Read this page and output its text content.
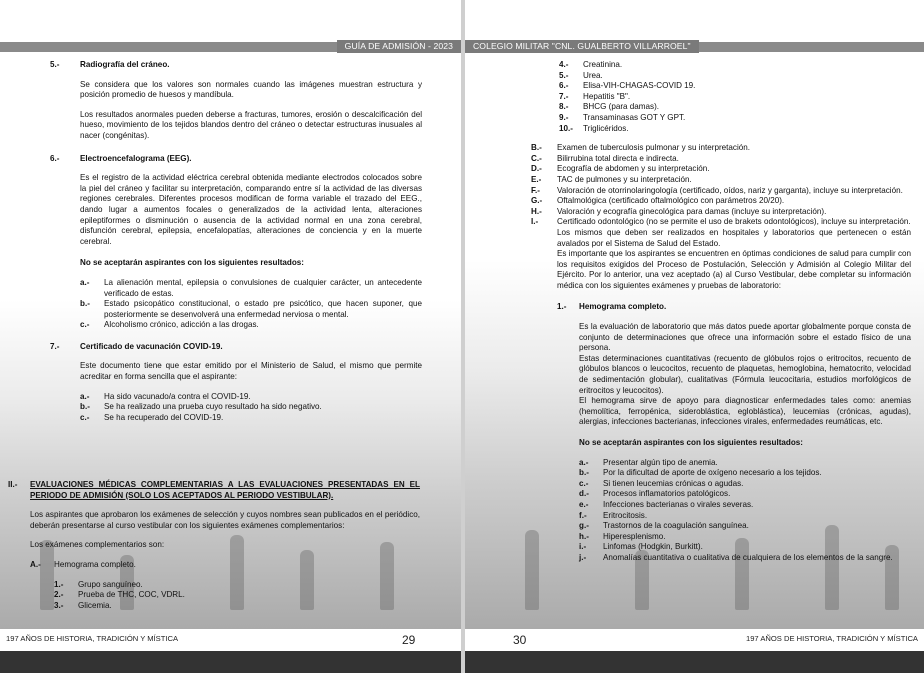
GUÍA DE ADMISIÓN - 2023
5.-	Radiografía del cráneo.

Se considera que los valores son normales cuando las imágenes muestran estructura y posición promedio de huesos y mandíbula.

Los resultados anormales pueden deberse a fracturas, tumores, erosión o descalcificación del hueso, movimiento de los tejidos blandos dentro del cráneo o detectar estructuras inusuales al nacer (congénitas).

6.-	Electroencefalograma (EEG).

Es el registro de la actividad eléctrica cerebral obtenida mediante electrodos colocados sobre la piel del cráneo y facilitar su interpretación, comparando entre sí la actividad de las diversas regiones cerebrales. Diferentes procesos modifican de forma variable el trazado del EEG., dando lugar a aumentos focales o generalizados de la actividad lenta, alteraciones epileptiformes o disminución o ausencia de la actividad normal en una zona cerebral, disfunción cerebral, epilepsia, encefalopatías, alteraciones de conciencia y en la muerte cerebral.

No se aceptarán aspirantes con los siguientes resultados:

a.-	La alienación mental, epilepsia o convulsiones de cualquier carácter, un antecedente verificado de estas.
b.-	Estado psicopático constitucional, o estado pre psicótico, que hacen suponer, que posteriormente se desenvolverá una enfermedad nerviosa o mental.
c.-	Alcoholismo crónico, adicción a las drogas.
7.-	Certificado de vacunación COVID-19.

Este documento tiene que estar emitido por el Ministerio de Salud, el mismo que permite acreditar en forma sencilla que el aspirante:

a.-	Ha sido vacunado/a contra el COVID-19.
b.-	Se ha realizado una prueba cuyo resultado ha sido negativo.
c.-	Se ha recuperado del COVID-19.
II.-	EVALUACIONES MÉDICAS COMPLEMENTARIAS A LAS EVALUACIONES PRESENTADAS EN EL PERIODO DE ADMISIÓN (SOLO LOS ACEPTADOS AL PERIODO VESTIBULAR).

Los aspirantes que aprobaron los exámenes de selección y cuyos nombres sean publicados en el periódico, deberán presentarse al curso vestibular con los siguientes exámenes complementarios:

Los exámenes complementarios son:

A.-	Hemograma completo.
1.-	Grupo sanguíneo.
2.-	Prueba de THC, COC, VDRL.
3.-	Glicemia.
197 AÑOS DE HISTORIA, TRADICIÓN Y MÍSTICA	29
COLEGIO MILITAR "CNL. GUALBERTO VILLARROEL"
4.-	Creatinina.
5.-	Urea.
6.-	Elisa-VIH-CHAGAS-COVID 19.
7.-	Hepatitis "B".
8.-	BHCG (para damas).
9.-	Transaminasas GOT Y GPT.
10.-	Triglicéridos.
B.-	Examen de tuberculosis pulmonar y su interpretación.
C.-	Bilirrubina total directa e indirecta.
D.-	Ecografía de abdomen y su interpretación.
E.-	TAC de pulmones y su interpretación.
F.-	Valoración de otorrinolaringología (certificado, oídos, nariz y garganta), incluye su interpretación.
G.-	Oftalmológica (certificado oftalmológico con parámetros 20/20).
H.-	Valoración y ecografía ginecológica para damas (incluye su interpretación).
I.-	Certificado odontológico (no se permite el uso de brakets odontológicos), incluye su interpretación.

Los mismos que deben ser realizados en hospitales y laboratorios que pertenecen o están avalados por el Sistema de Salud del Estado.

Es importante que los aspirantes se encuentren en óptimas condiciones de salud para cumplir con los requisitos exigidos del Proceso de Postulación, Selección y Admisión al Colegio Militar del Ejército. Por lo anterior, una vez aceptado (a) al Curso Vestibular, debe completar su información médica con los siguientes exámenes y pruebas de laboratorio:

1.-	Hemograma completo.

Es la evaluación de laboratorio que más datos puede aportar globalmente porque consta de conjunto de determinaciones que ofrece una información sobre el estado físico de una persona.

Estas determinaciones cuantitativas (recuento de glóbulos rojos o eritrocitos, recuento de glóbulos blancos o leucocitos, recuento de plaquetas, hemoglobina, hematocrito, velocidad de sedimentación globular), cualitativas (Fórmula leucocitaria, estudios morfológicos de eritrocitos y leucocitos).

El hemograma sirve de apoyo para diagnosticar enfermedades tales como: anemias (hemolítica, ferropénica, sideroblástica, egloblástica), leucemias (crónicas, agudas), alergias, infecciones bacterianas, infecciones virales, enfermedades reumáticas, etc.

No se aceptarán aspirantes con los siguientes resultados:

a.-	Presentar algún tipo de anemia.
b.-	Por la dificultad de aporte de oxígeno necesario a los tejidos.
c.-	Si tienen leucemias crónicas o agudas.
d.-	Procesos inflamatorios patológicos.
e.-	Infecciones bacterianas o virales severas.
f.-	Eritrocitosis.
g.-	Trastornos de la coagulación sanguínea.
h.-	Hiperesplenismo.
i.-	Linfomas (Hodgkin, Burkitt).
j.-	Anomalías cuantitativa o cualitativa de cualquiera de los elementos de la sangre.
30	197 AÑOS DE HISTORIA, TRADICIÓN Y MÍSTICA
